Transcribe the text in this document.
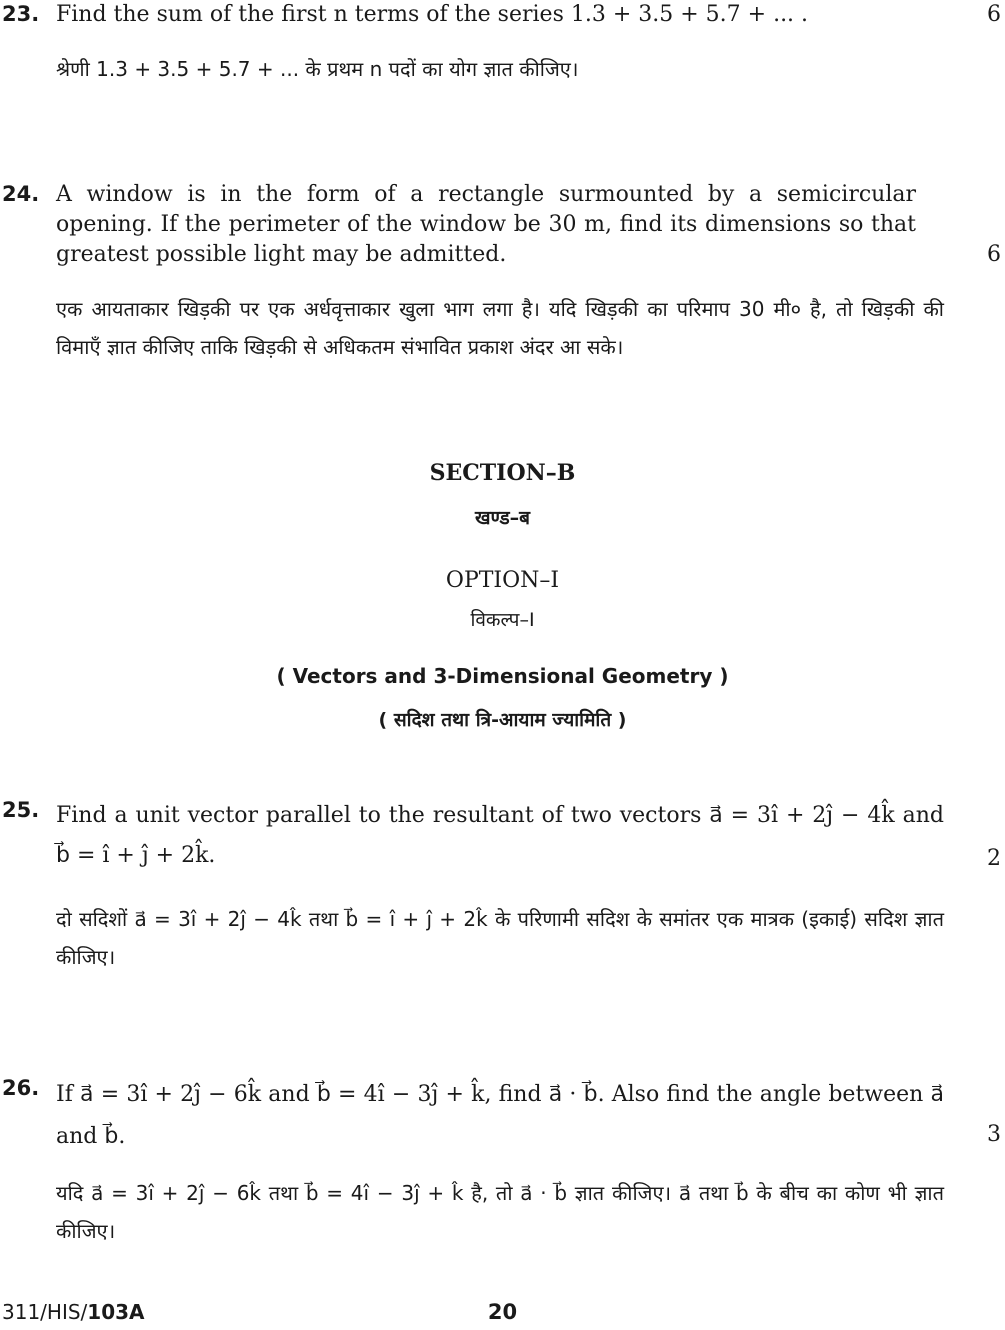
23. Find the sum of the first n terms of the series 1.3 + 3.5 + 5.7 + ... .	6
श्रेणी 1.3 + 3.5 + 5.7 + ... के प्रथम n पदों का योग ज्ञात कीजिए।
24. A window is in the form of a rectangle surmounted by a semicircular opening. If the perimeter of the window be 30 m, find its dimensions so that greatest possible light may be admitted.	6
एक आयताकार खिड़की पर एक अर्धवृत्ताकार खुला भाग लगा है। यदि खिड़की का परिमाप 30 मी० है, तो खिड़की की विमाएँ ज्ञात कीजिए ताकि खिड़की से अधिकतम संभावित प्रकाश अंदर आ सके।
SECTION–B
खण्ड–ब
OPTION–I
विकल्प–I
( Vectors and 3-Dimensional Geometry )
( सदिश तथा त्रि-आयाम ज्यामिति )
25. Find a unit vector parallel to the resultant of two vectors a⃗ = 3î + 2ĵ − 4k̂ and b⃗ = î + ĵ + 2k̂.	2
दो सदिशों a⃗ = 3î + 2ĵ − 4k̂ तथा b⃗ = î + ĵ + 2k̂ के परिणामी सदिश के समांतर एक मात्रक (इकाई) सदिश ज्ञात कीजिए।
26. If a⃗ = 3î + 2ĵ − 6k̂ and b⃗ = 4î − 3ĵ + k̂, find a⃗ · b⃗. Also find the angle between a⃗ and b⃗.	3
यदि a⃗ = 3î + 2ĵ − 6k̂ तथा b⃗ = 4î − 3ĵ + k̂ है, तो a⃗ · b⃗ ज्ञात कीजिए। a⃗ तथा b⃗ के बीच का कोण भी ज्ञात कीजिए।
311/HIS/103A	20
